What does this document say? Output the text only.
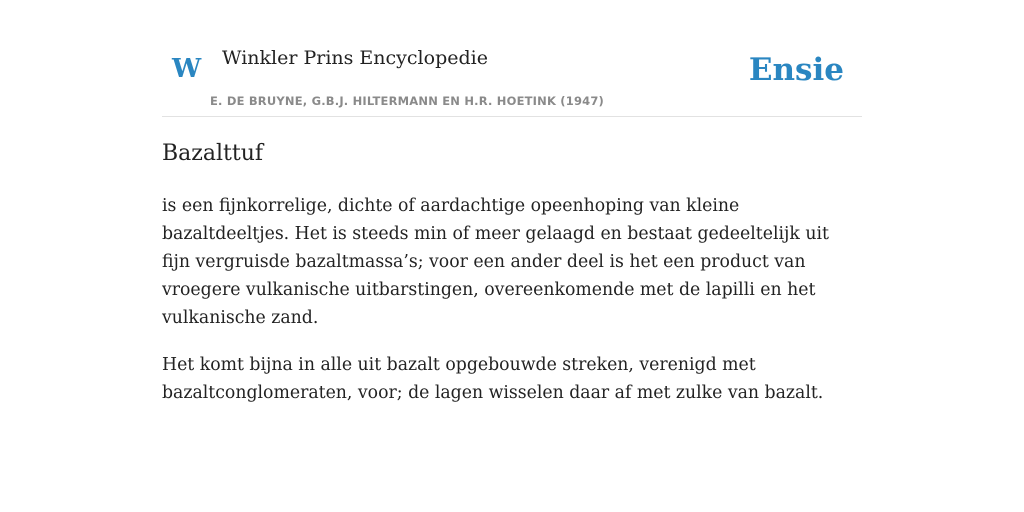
W Winkler Prins Encyclopedie
E. DE BRUYNE, G.B.J. HILTERMANN EN H.R. HOETINK (1947)
Ensie
Bazalttuf

is een fijnkorrelige, dichte of aardachtige opeenhoping van kleine bazaltdeeltjes. Het is steeds min of meer gelaagd en bestaat gedeeltelijk uit fijn vergruisde bazaltmassa’s; voor een ander deel is het een product van vroegere vulkanische uitbarstingen, overeenkomende met de lapilli en het vulkanische zand.

Het komt bijna in alle uit bazalt opgebouwde streken, verenigd met bazaltconglomeraten, voor; de lagen wisselen daar af met zulke van bazalt.
